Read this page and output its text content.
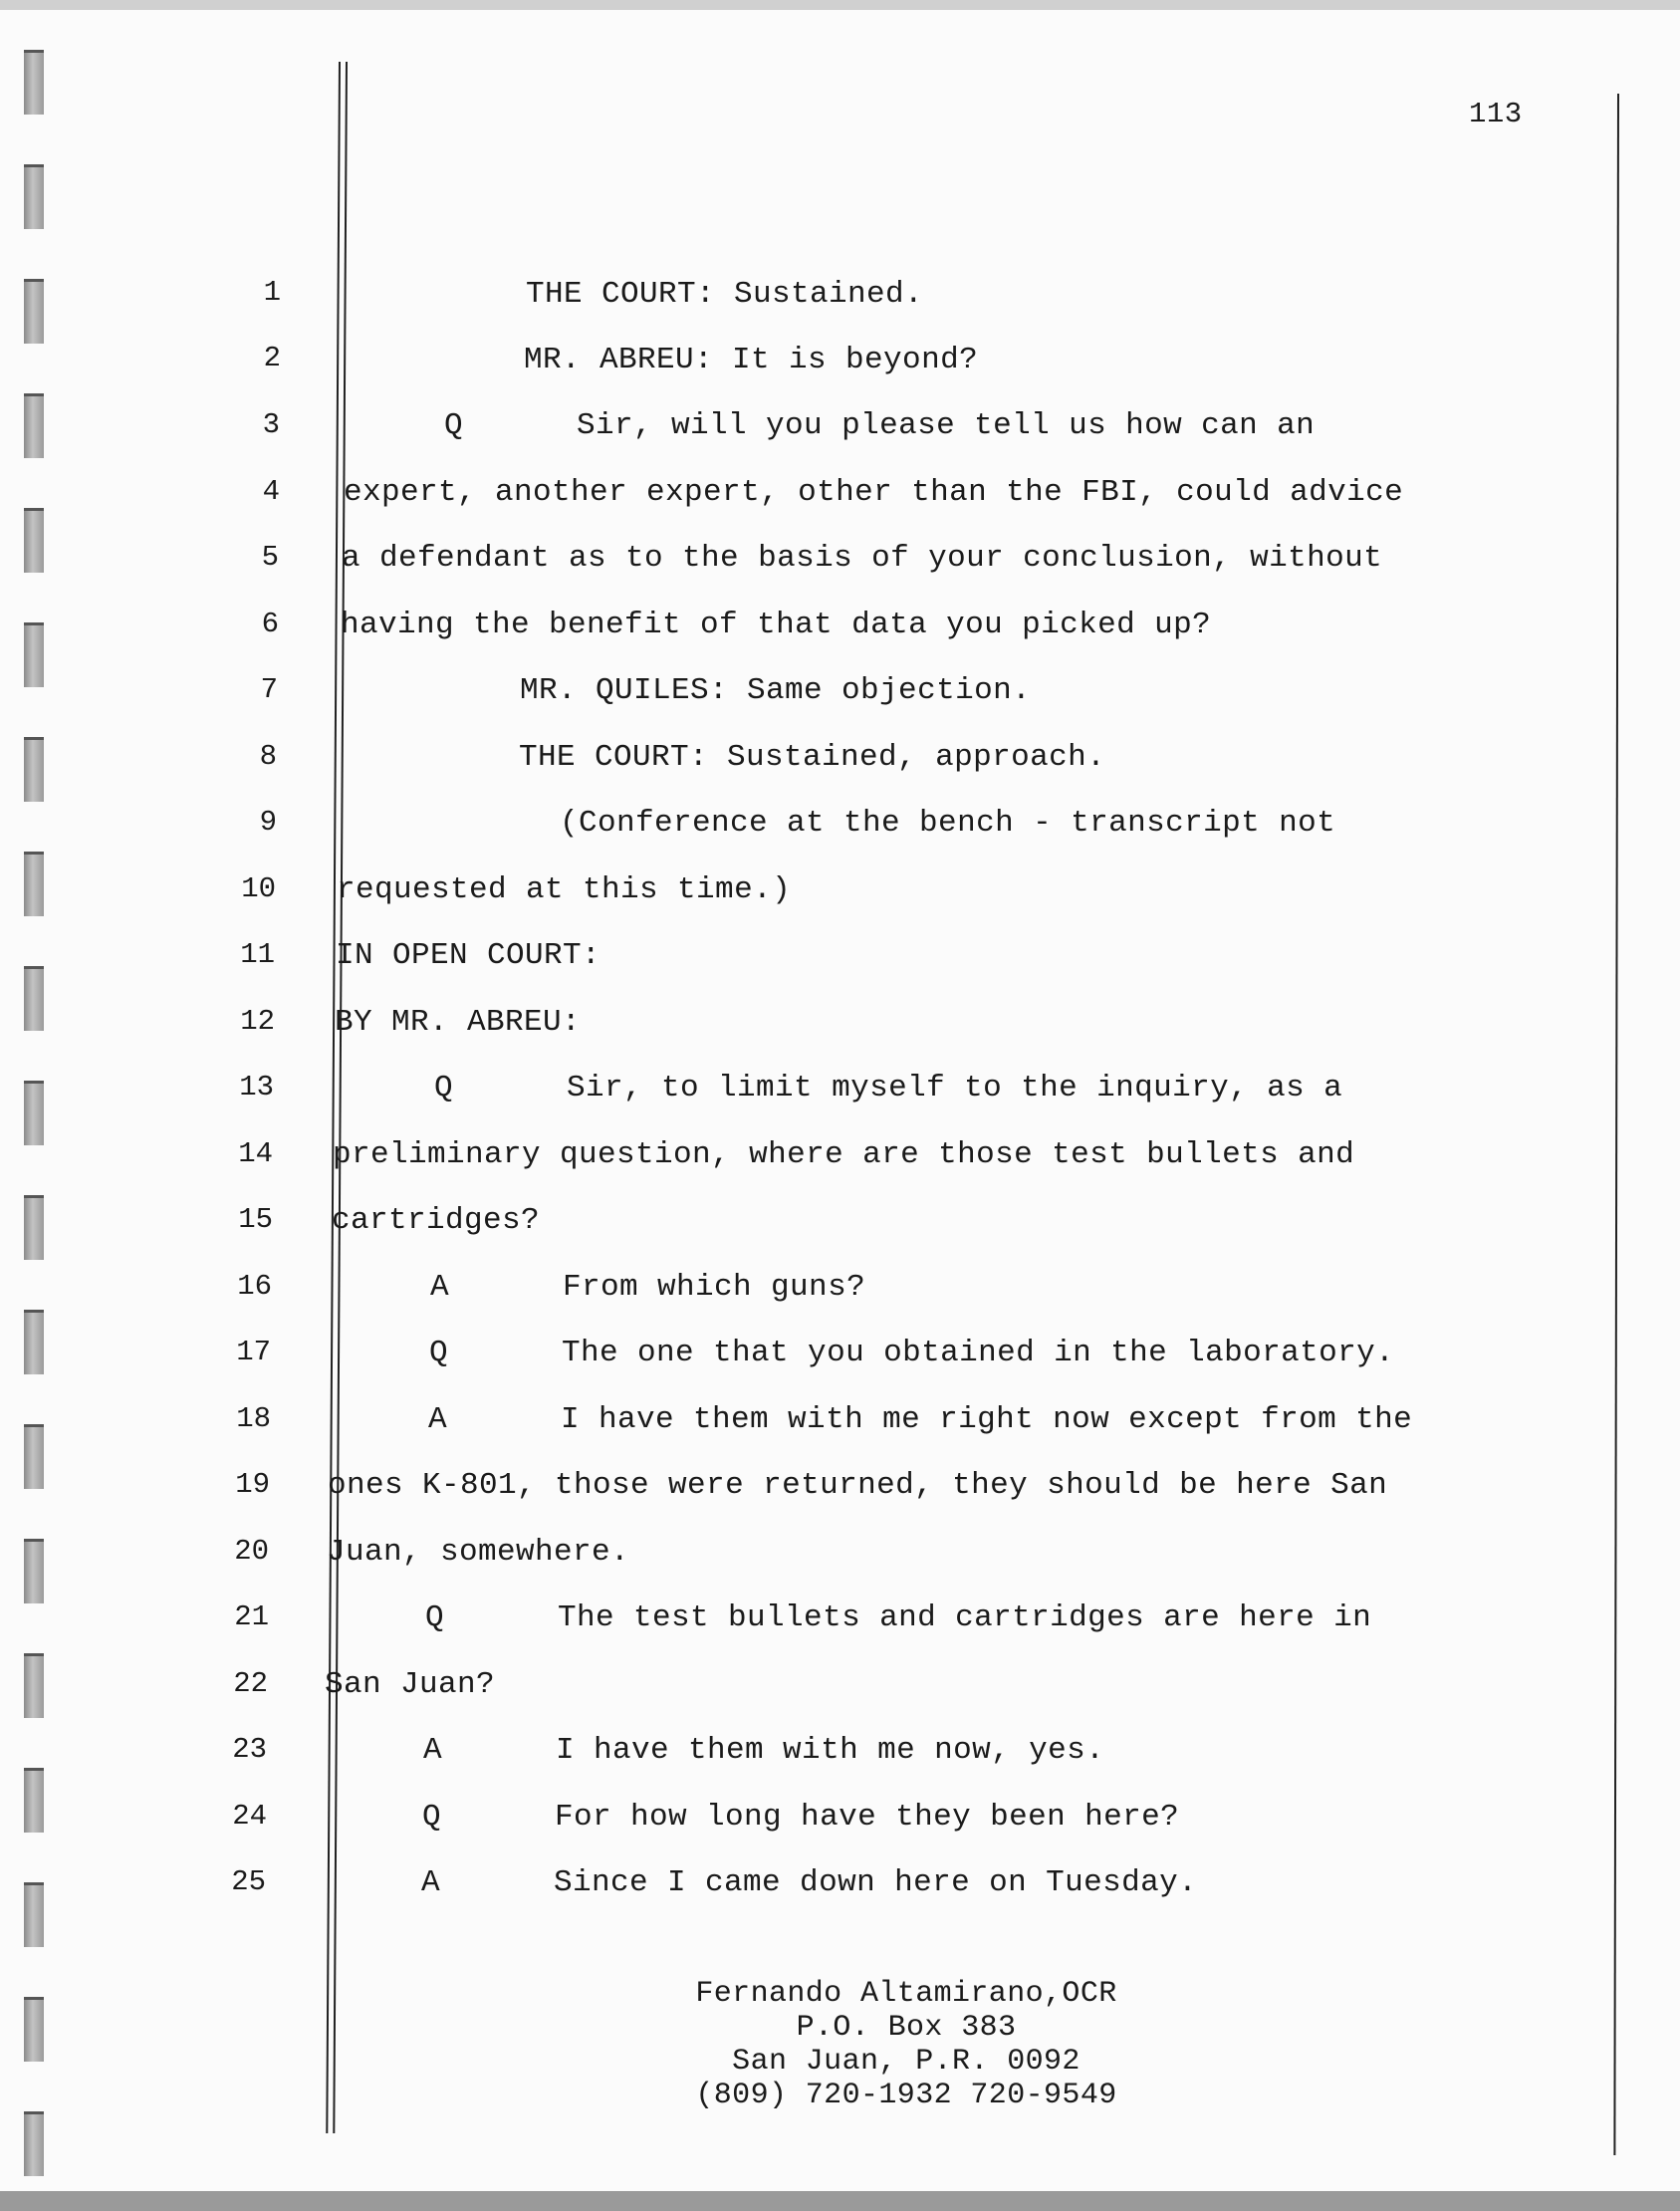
113
1
2
3
4
5
6
7
8
9
10
11
12
13
14
15
16
17
18
19
20
21
22
23
24
25
THE COURT: Sustained.
MR. ABREU: It is beyond?
Q      Sir, will you please tell us how can an
expert, another expert, other than the FBI, could advice
a defendant as to the basis of your conclusion, without
having the benefit of that data you picked up?
MR. QUILES: Same objection.
THE COURT: Sustained, approach.
(Conference at the bench - transcript not
requested at this time.)
IN OPEN COURT:
BY MR. ABREU:
Q      Sir, to limit myself to the inquiry, as a
preliminary question, where are those test bullets and
cartridges?
A      From which guns?
Q      The one that you obtained in the laboratory.
A      I have them with me right now except from the
ones K-801, those were returned, they should be here San
Juan, somewhere.
Q      The test bullets and cartridges are here in
San Juan?
A      I have them with me now, yes.
Q      For how long have they been here?
A      Since I came down here on Tuesday.
Fernando Altamirano,OCR
P.O. Box 383
San Juan, P.R. 0092
(809) 720-1932 720-9549
